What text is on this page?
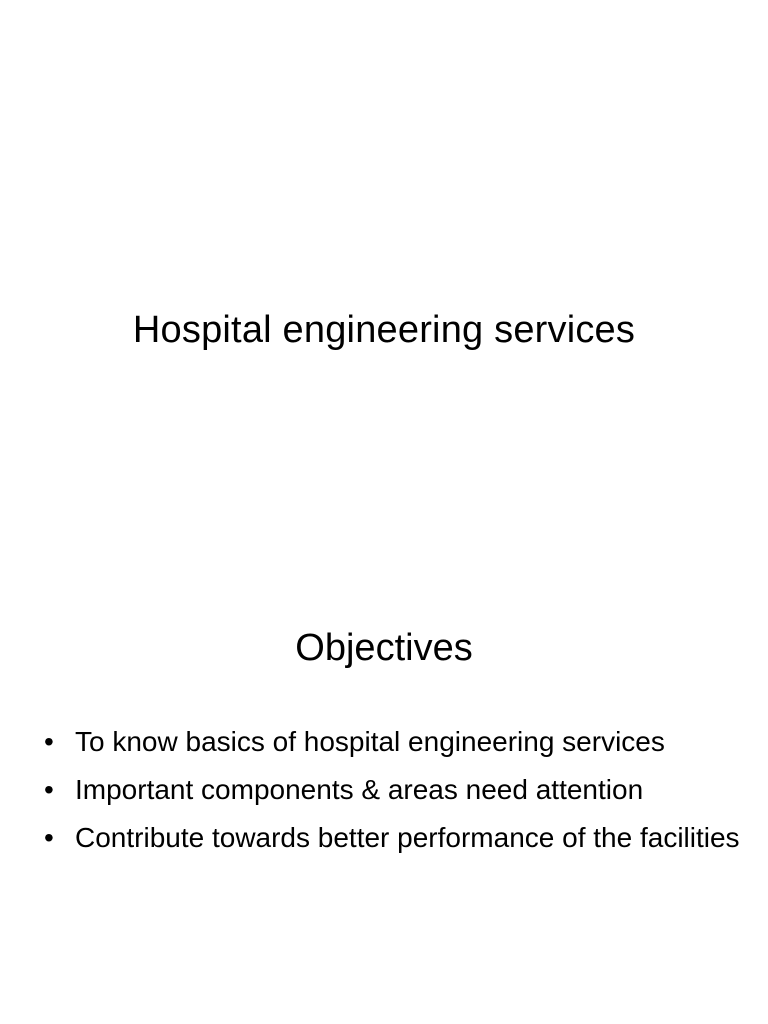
Hospital engineering services
Objectives
• To know basics of hospital engineering services
• Important components & areas need attention
• Contribute towards better performance of the facilities
